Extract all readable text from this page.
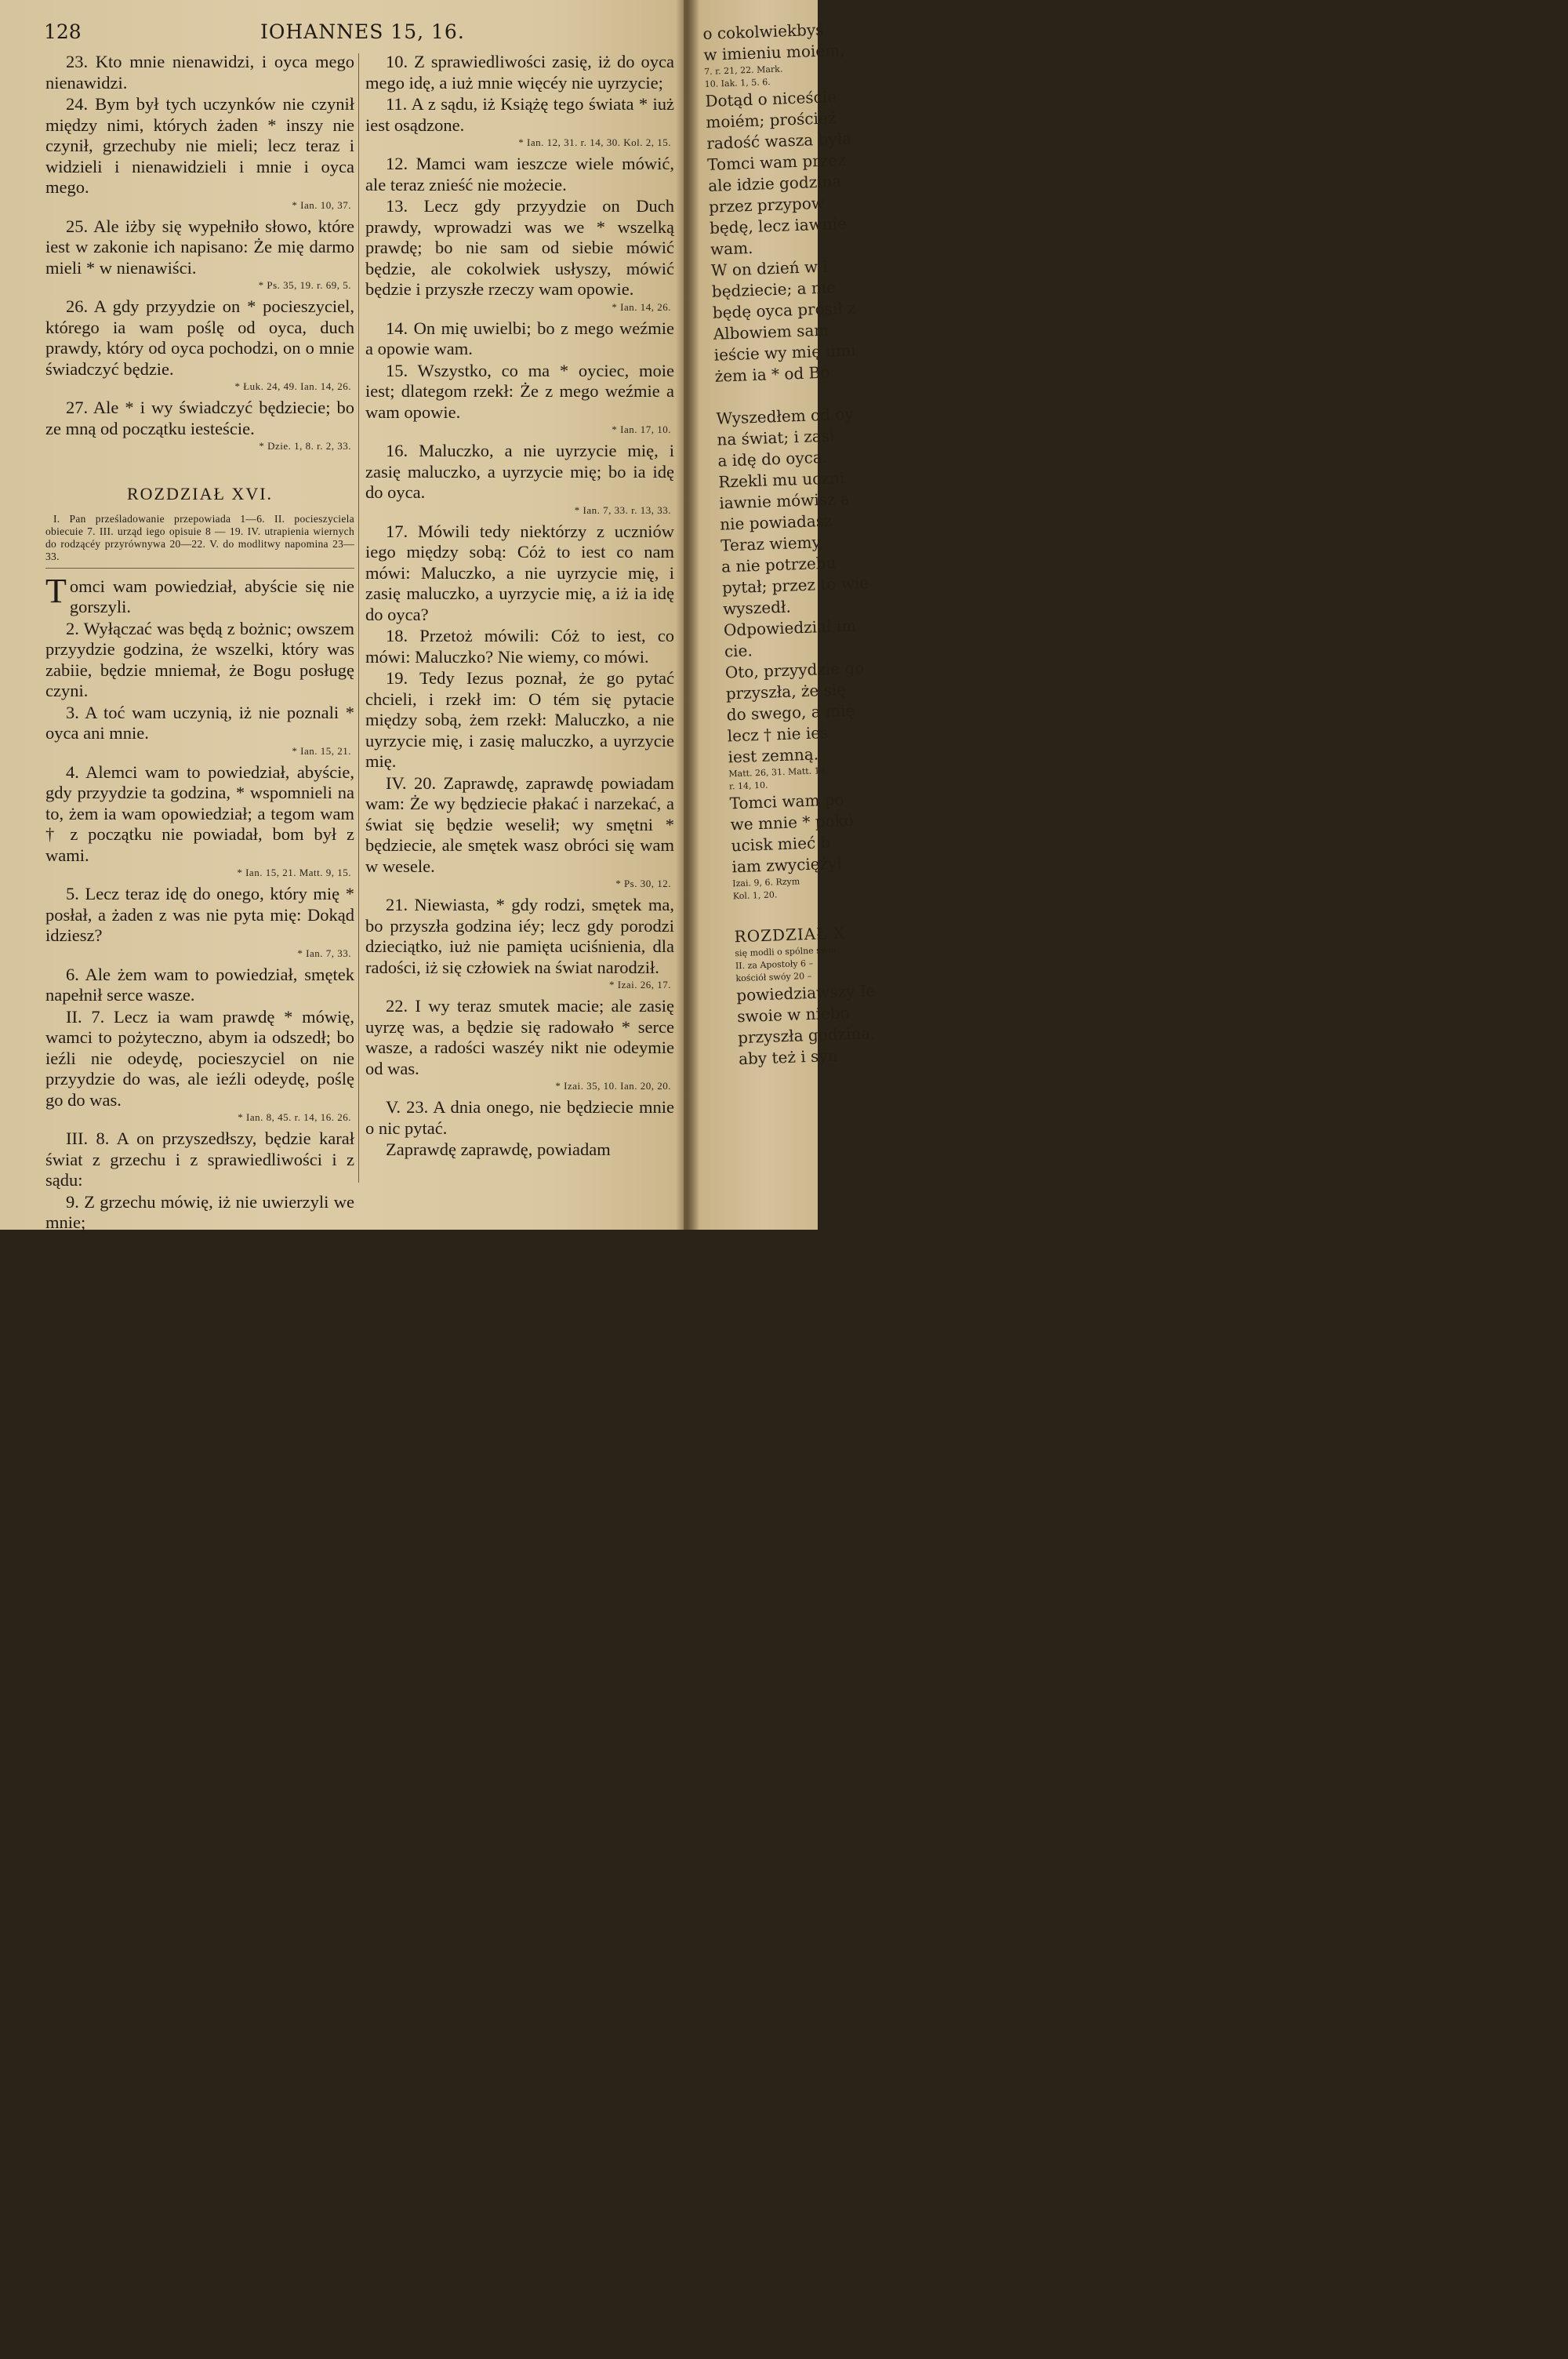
128	IOHANNES 15, 16.

23. Kto mnie nienawidzi, i oyca mego nienawidzi.

24. Bym był tych uczynków nie czynił między nimi, których żaden * inszy nie czynił, grzechuby nie mieli; lecz teraz i widzieli i nienawidzieli i mnie i oyca mego.

* Ian. 10, 37.

25. Ale iżby się wypełniło słowo, które iest w zakonie ich napisano: Że mię darmo mieli * w nienawiści.

* Ps. 35, 19. r. 69, 5.

26. A gdy przyydzie on * pocieszyciel, którego ia wam poślę od oyca, duch prawdy, który od oyca pochodzi, on o mnie świadczyć będzie.

* Łuk. 24, 49. Ian. 14, 26.

27. Ale * i wy świadczyć będziecie; bo ze mną od początku iesteście.

* Dzie. 1, 8. r. 2, 33.
ROZDZIAŁ XVI.
I. Pan prześladowanie przepowiada 1—6. II. pocieszyciela obiecuie 7. III. urząd iego opisuie 8 — 19. IV. utrapienia wiernych do rodzącéy przyrównywa 20—22. V. do modlitwy napomina 23—33.

Tomci wam powiedział, abyście się nie gorszyli.

2. Wyłączać was będą z bożnic; owszem przyydzie godzina, że wszelki, który was zabiie, będzie mniemał, że Bogu posługę czyni.

3. A toć wam uczynią, iż nie poznali * oyca ani mnie.

* Ian. 15, 21.

4. Alemci wam to powiedział, abyście, gdy przyydzie ta godzina, * wspomnieli na to, żem ia wam opowiedział; a tegom wam † z początku nie powiadał, bom był z wami.

* Ian. 15, 21. Matt. 9, 15.

5. Lecz teraz idę do onego, który mię * posłał, a żaden z was nie pyta mię: Dokąd idziesz?

* Ian. 7, 33.

6. Ale żem wam to powiedział, smętek napełnił serce wasze.

II. 7. Lecz ia wam prawdę * mówię, wamci to pożyteczno, abym ia odszedł; bo ieźli nie odeydę, pocieszyciel on nie przyydzie do was, ale ieźli odeydę, poślę go do was.

* Ian. 8, 45. r. 14, 16. 26.

III. 8. A on przyszedłszy, będzie karał świat z grzechu i z sprawiedliwości i z sądu:

9. Z grzechu mówię, iż nie uwierzyli we mnie;

10. Z sprawiedliwości zasię, iż do oyca mego idę, a iuż mnie więcéy nie uyrzycie;

11. A z sądu, iż Książę tego świata * iuż iest osądzone.

* Ian. 12, 31. r. 14, 30. Kol. 2, 15.

12. Mamci wam ieszcze wiele mówić, ale teraz znieść nie możecie.

13. Lecz gdy przyydzie on Duch prawdy, wprowadzi was we * wszelką prawdę; bo nie sam od siebie mówić będzie, ale cokolwiek usłyszy, mówić będzie i przyszłe rzeczy wam opowie.

* Ian. 14, 26.

14. On mię uwielbi; bo z mego weźmie a opowie wam.

15. Wszystko, co ma * oyciec, moie iest; dlategom rzekł: Że z mego weźmie a wam opowie.

* Ian. 17, 10.

16. Maluczko, a nie uyrzycie mię, i zasię maluczko, a uyrzycie mię; bo ia idę do oyca.

* Ian. 7, 33. r. 13, 33.

17. Mówili tedy niektórzy z uczniów iego między sobą: Cóż to iest co nam mówi: Maluczko, a nie uyrzycie mię, i zasię maluczko, a uyrzycie mię, a iż ia idę do oyca?

18. Przetoż mówili: Cóż to iest, co mówi: Maluczko? Nie wiemy, co mówi.

19. Tedy Iezus poznał, że go pytać chcieli, i rzekł im: O tém się pytacie między sobą, żem rzekł: Maluczko, a nie uyrzycie mię, i zasię maluczko, a uyrzycie mię.

IV. 20. Zaprawdę, zaprawdę powiadam wam: Że wy będziecie płakać i narzekać, a świat się będzie weselił; wy smętni * będziecie, ale smętek wasz obróci się wam w wesele.

* Ps. 30, 12.

21. Niewiasta, * gdy rodzi, smętek ma, bo przyszła godzina iéy; lecz gdy porodzi dzieciątko, iuż nie pamięta uciśnienia, dla radości, iż się człowiek na świat narodził.

* Izai. 26, 17.

22. I wy teraz smutek macie; ale zasię uyrzę was, a będzie się radowało * serce wasze, a radości waszéy nikt nie odeymie od was.

* Izai. 35, 10. Ian. 20, 20.

V. 23. A dnia onego, nie będziecie mnie o nic pytać.

Zaprawdę zaprawdę, powiadam

o cokolwiekbyś
w imieniu moiém,
7. r. 21, 22. Mark.
10. Iak. 1, 5. 6.
Dotąd o niceście
moiém; prościeź
radość wasza była
Tomci wam przez
ale idzie godzina
przez przypow
będę, lecz iawnie
wam.
W on dzień w i
będziecie; a nie
będę oyca prosił z
Albowiem sam
ieście wy mię umi
żem ia * od Bo

Wyszedłem od oy
na świat; i zasi
a idę do oyca.
Rzekli mu uczni
iawnie mówisz a
nie powiadasz
Teraz wiemy,
a nie potrzebu
pytał; przez to wie
wyszedł.
Odpowiedział im
cie.
Oto, przyydzie go
przyszła, że się
do swego, a mię
lecz † nie ies
iest zemną.
Matt. 26, 31. Matt. 14,
r. 14, 10.
Tomci wam po
we mnie * pokó
ucisk mieć b
iam zwyciężył
Izai. 9, 6. Rzym
Kol. 1, 20.
ROZDZIAŁ X
się modli o spólne swoi
II. za Apostoły 6 –
kościół swóy 20 –
powiedziawszy Ie
swoie w niebo
przyszła godzina,
aby też i syn
